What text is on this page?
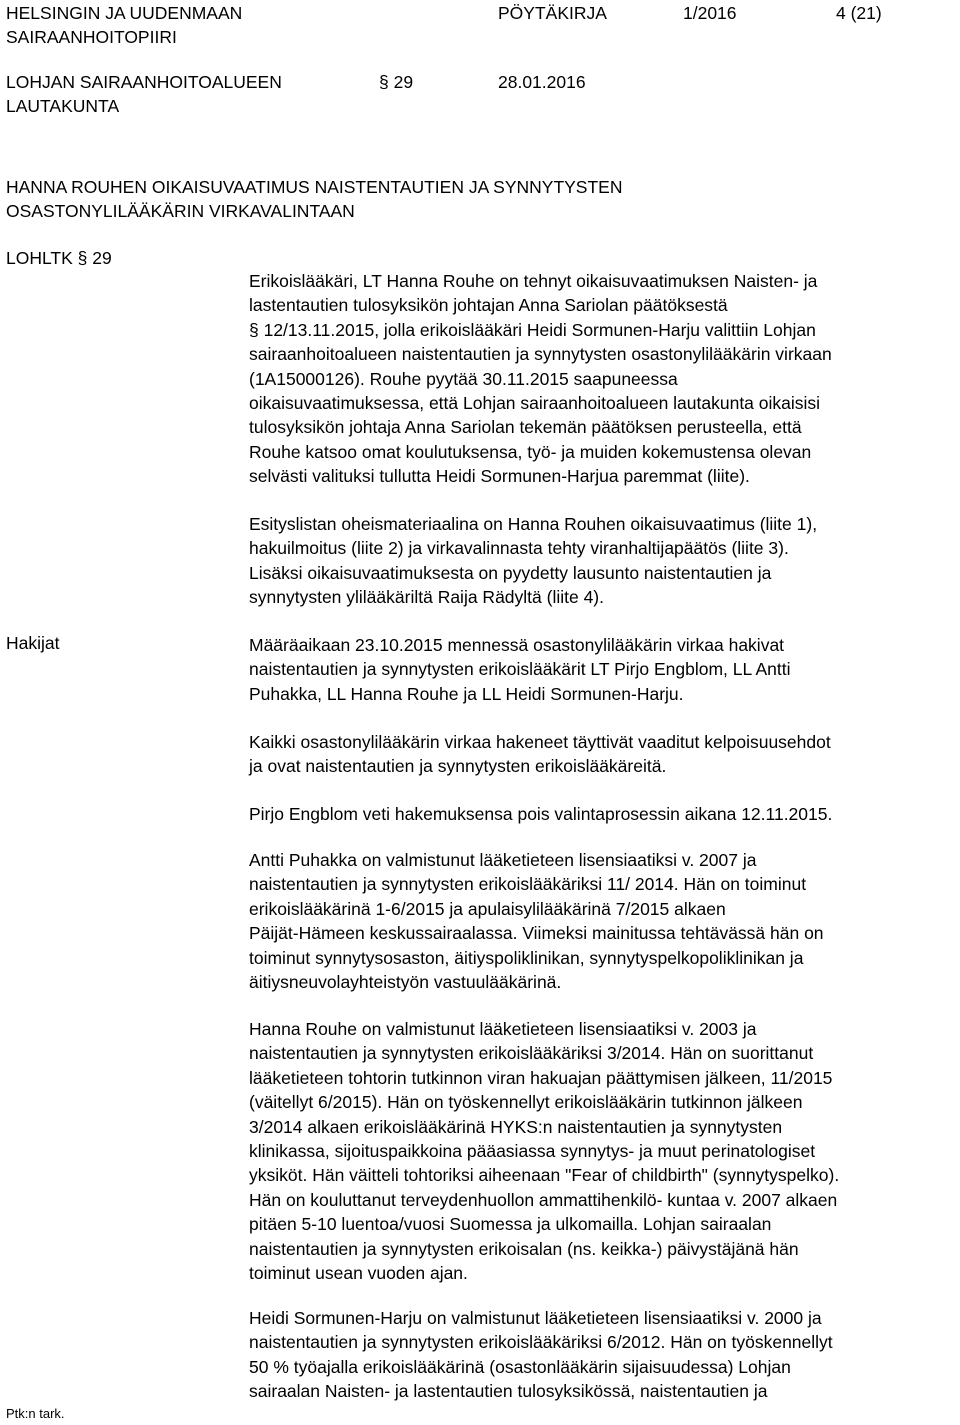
HELSINGIN JA UUDENMAAN
SAIRAANHOITOPIIRI
PÖYTÄKIRJA	1/2016	4 (21)
LOHJAN SAIRAANHOITOALUEEN
LAUTAKUNTA
§ 29	28.01.2016
HANNA ROUHEN OIKAISUVAATIMUS NAISTENTAUTIEN JA SYNNYTYSTEN
OSASTONYLILÄÄKÄRIN VIRKAVALINTAAN
LOHLTK § 29
Hakijat
Erikoislääkäri, LT Hanna Rouhe on tehnyt oikaisuvaatimuksen Naisten- ja
lastentautien tulosyksikön johtajan Anna Sariolan päätöksestä
§ 12/13.11.2015, jolla erikoislääkäri Heidi Sormunen-Harju valittiin Lohjan
sairaanhoitoalueen naistentautien ja synnytysten osastonylilääkärin virkaan
(1A15000126). Rouhe pyytää 30.11.2015 saapuneessa
oikaisuvaatimuksessa, että Lohjan sairaanhoitoalueen lautakunta oikaisisi
tulosyksikön johtaja Anna Sariolan tekemän päätöksen perusteella, että
Rouhe katsoo omat koulutuksensa, työ- ja muiden kokemustensa olevan
selvästi valituksi tullutta Heidi Sormunen-Harjua paremmat (liite).
Esityslistan oheismateriaalina on Hanna Rouhen oikaisuvaatimus (liite 1),
hakuilmoitus (liite 2) ja virkavalinnasta tehty viranhaltijapäätös (liite 3).
Lisäksi oikaisuvaatimuksesta on pyydetty lausunto naistentautien ja
synnytysten ylilääkäriltä Raija Rädyltä (liite 4).
Määräaikaan 23.10.2015 mennessä osastonylilääkärin virkaa hakivat
naistentautien ja synnytysten erikoislääkärit LT Pirjo Engblom, LL Antti
Puhakka, LL Hanna Rouhe ja LL Heidi Sormunen-Harju.
Kaikki osastonylilääkärin virkaa hakeneet täyttivät vaaditut kelpoisuusehdot
ja ovat naistentautien ja synnytysten erikoislääkäreitä.
Pirjo Engblom veti hakemuksensa pois valintaprosessin aikana 12.11.2015.
Antti Puhakka on valmistunut lääketieteen lisensiaatiksi v. 2007 ja
naistentautien ja synnytysten erikoislääkäriksi 11/ 2014. Hän on toiminut
erikoislääkärinä 1-6/2015 ja apulaisylilääkärinä 7/2015 alkaen
Päijät-Hämeen keskussairaalassa. Viimeksi mainitussa tehtävässä hän on
toiminut synnytysosaston, äitiyspoliklinikan, synnytyspelkopoliklinikan ja
äitiysneuvolayhteistyön vastuulääkärinä.
Hanna Rouhe on valmistunut lääketieteen lisensiaatiksi v. 2003 ja
naistentautien ja synnytysten erikoislääkäriksi 3/2014. Hän on suorittanut
lääketieteen tohtorin tutkinnon viran hakuajan päättymisen jälkeen, 11/2015
(väitellyt 6/2015). Hän on työskennellyt erikoislääkärin tutkinnon jälkeen
3/2014 alkaen erikoislääkärinä HYKS:n naistentautien ja synnytysten
klinikassa, sijoituspaikkoina pääasiassa synnytys- ja muut perinatologiset
yksiköt. Hän väitteli tohtoriksi aiheenaan "Fear of childbirth" (synnytyspelko).
Hän on kouluttanut terveydenhuollon ammattihenkilö- kuntaa v. 2007 alkaen
pitäen 5-10 luentoa/vuosi Suomessa ja ulkomailla. Lohjan sairaalan
naistentautien ja synnytysten erikoisalan (ns. keikka-) päivystäjänä hän
toiminut usean vuoden ajan.
Heidi Sormunen-Harju on valmistunut lääketieteen lisensiaatiksi v. 2000 ja
naistentautien ja synnytysten erikoislääkäriksi 6/2012. Hän on työskennellyt
50 % työajalla erikoislääkärinä (osastonlääkärin sijaisuudessa) Lohjan
sairaalan Naisten- ja lastentautien tulosyksikössä, naistentautien ja
Ptk:n tark.
